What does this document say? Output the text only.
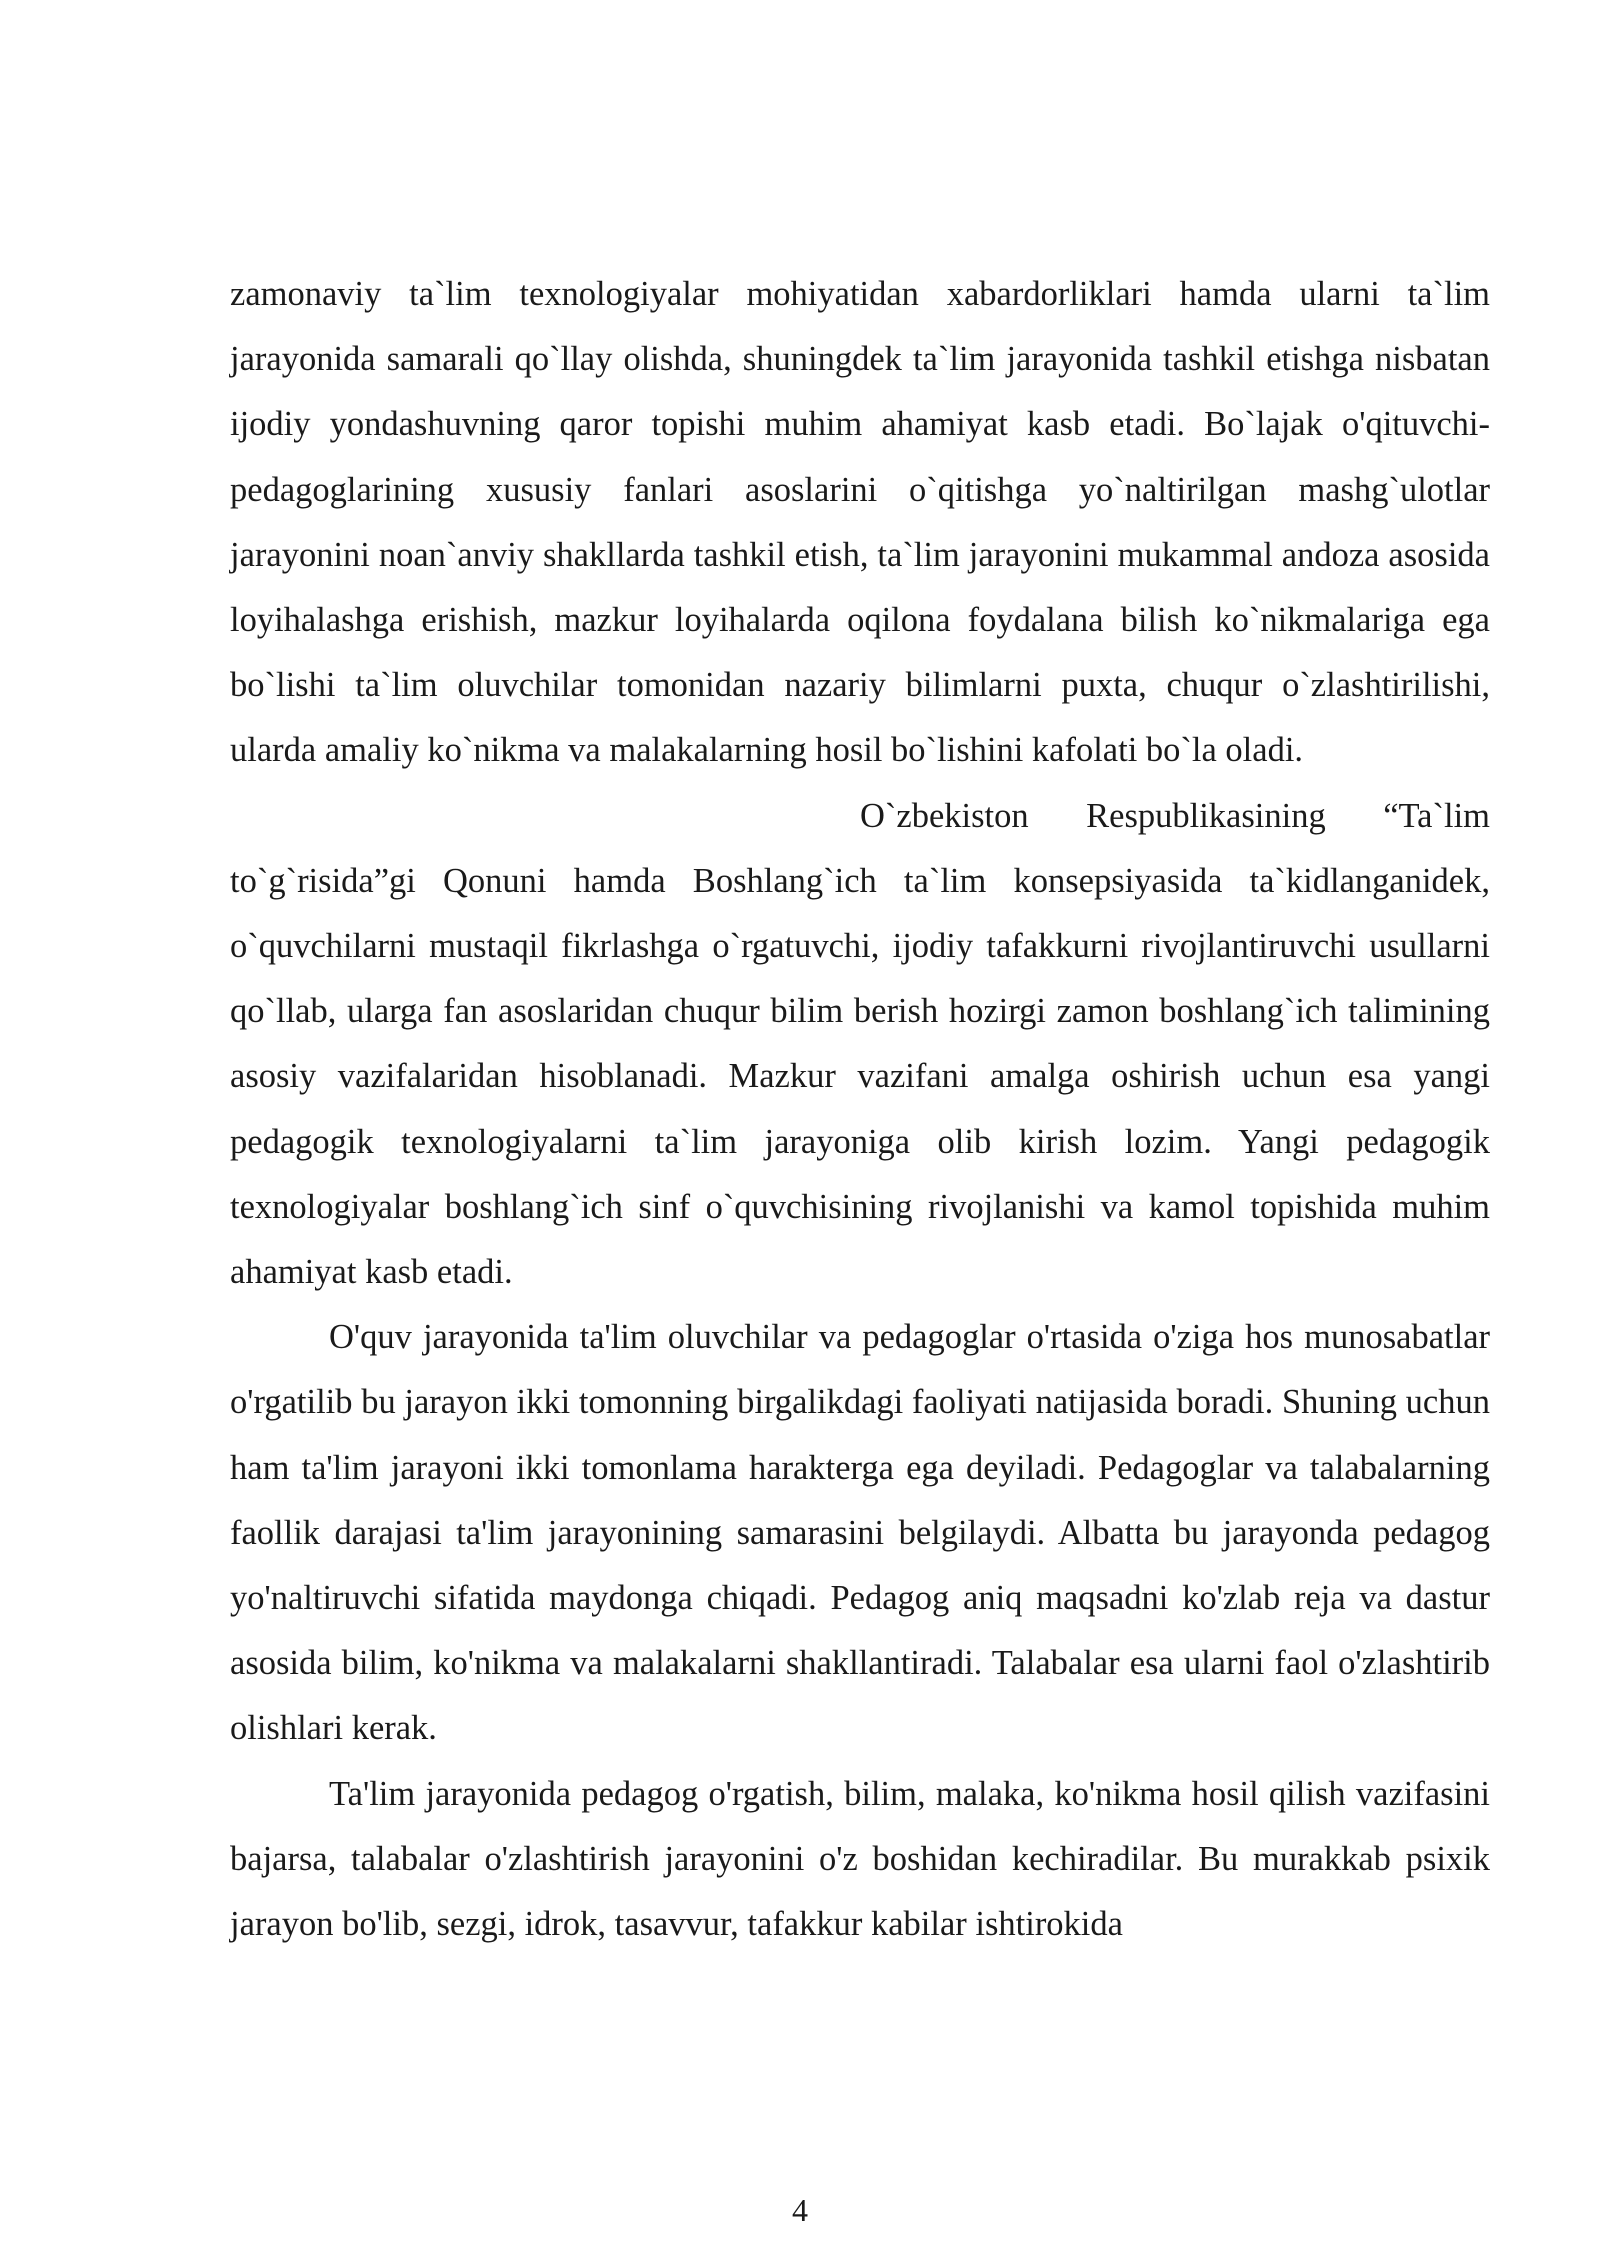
zamonaviy ta`lim texnologiyalar mohiyatidan xabardorliklari hamda ularni ta`lim jarayonida samarali qo`llay olishda, shuningdek ta`lim jarayonida tashkil etishga nisbatan ijodiy yondashuvning qaror topishi muhim ahamiyat kasb etadi. Bo`lajak o'qituvchi-pedagoglarining xususiy fanlari asoslarini o`qitishga yo`naltirilgan mashg`ulotlar jarayonini noan`anviy shakllarda tashkil etish, ta`lim jarayonini mukammal andoza asosida loyihalashga erishish, mazkur loyihalarda oqilona foydalana bilish ko`nikmalariga ega bo`lishi ta`lim oluvchilar tomonidan nazariy bilimlarni puxta, chuqur o`zlashtirilishi, ularda amaliy ko`nikma va malakalarning hosil bo`lishini kafolati bo`la oladi.

O`zbekiston Respublikasining “Ta`lim to`g`risida”gi Qonuni hamda Boshlang`ich ta`lim konsepsiyasida ta`kidlanganidek, o`quvchilarni mustaqil fikrlashga o`rgatuvchi, ijodiy tafakkurni rivojlantiruvchi usullarni qo`llab, ularga fan asoslaridan chuqur bilim berish hozirgi zamon boshlang`ich talimining asosiy vazifalaridan hisoblanadi. Mazkur vazifani amalga oshirish uchun esa yangi pedagogik texnologiyalarni ta`lim jarayoniga olib kirish lozim. Yangi pedagogik texnologiyalar boshlang`ich sinf o`quvchisining rivojlanishi va kamol topishida muhim ahamiyat kasb etadi.

O'quv jarayonida ta'lim oluvchilar va pedagoglar o'rtasida o'ziga hos munosabatlar o'rgatilib bu jarayon ikki tomonning birgalikdagi faoliyati natijasida boradi. Shuning uchun ham ta'lim jarayoni ikki tomonlama harakterga ega deyiladi. Pedagoglar va talabalarning faollik darajasi ta'lim jarayonining samarasini belgilaydi. Albatta bu jarayonda pedagog yo'naltiruvchi sifatida maydonga chiqadi. Pedagog aniq maqsadni ko'zlab reja va dastur asosida bilim, ko'nikma va malakalarni shakllantiradi. Talabalar esa ularni faol o'zlashtirib olishlari kerak.

Ta'lim jarayonida pedagog o'rgatish, bilim, malaka, ko'nikma hosil qilish vazifasini bajarsa, talabalar o'zlashtirish jarayonini o'z boshidan kechiradilar. Bu murakkab psixik jarayon bo'lib, sezgi, idrok, tasavvur, tafakkur kabilar ishtirokida

4
